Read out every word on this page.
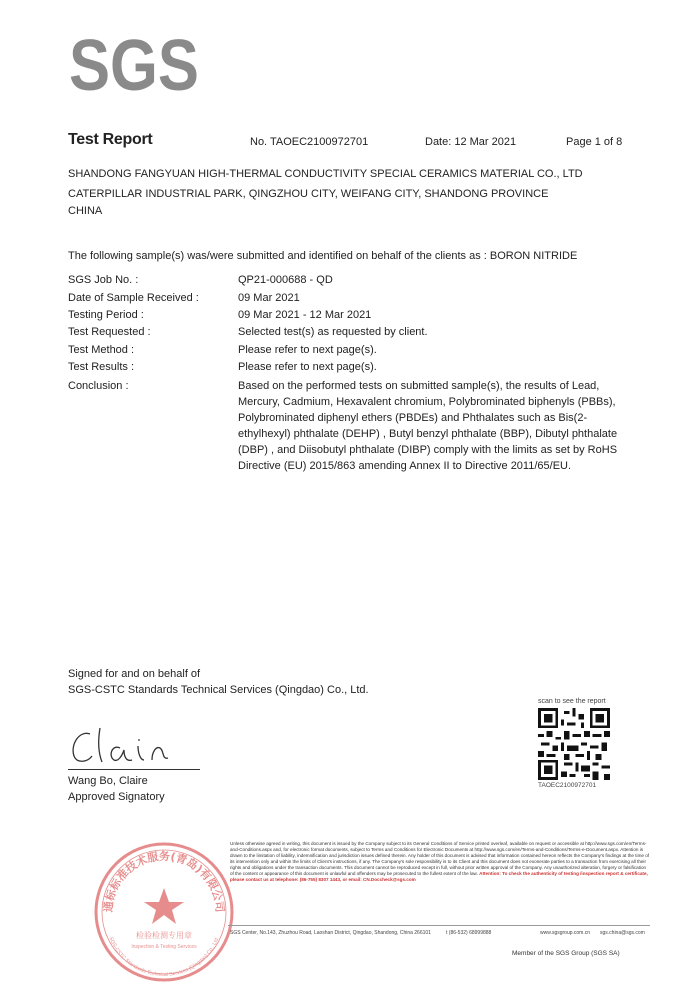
SGS
Test Report	No. TAOEC2100972701	Date: 12 Mar 2021	Page 1 of 8
SHANDONG FANGYUAN HIGH-THERMAL CONDUCTIVITY SPECIAL CERAMICS MATERIAL CO., LTD
CATERPILLAR INDUSTRIAL PARK, QINGZHOU CITY, WEIFANG CITY, SHANDONG PROVINCE
CHINA
The following sample(s) was/were submitted and identified on behalf of the clients as : BORON NITRIDE
SGS Job No. :	QP21-000688 - QD
Date of Sample Received :	09 Mar 2021
Testing Period :	09 Mar 2021 - 12 Mar 2021
Test Requested :	Selected test(s) as requested by client.
Test Method :	Please refer to next page(s).
Test Results :	Please refer to next page(s).
Conclusion :	Based on the performed tests on submitted sample(s), the results of Lead, Mercury, Cadmium, Hexavalent chromium, Polybrominated biphenyls (PBBs), Polybrominated diphenyl ethers (PBDEs) and Phthalates such as Bis(2-ethylhexyl) phthalate (DEHP) , Butyl benzyl phthalate (BBP), Dibutyl phthalate (DBP) , and Diisobutyl phthalate (DIBP) comply with the limits as set by RoHS Directive (EU) 2015/863 amending Annex II to Directive 2011/65/EU.
Signed for and on behalf of
SGS-CSTC Standards Technical Services (Qingdao) Co., Ltd.
Wang Bo, Claire
Approved Signatory
scan to see the report
TAOEC2100972701
通标标准技术服务(青岛)有限公司
检验检测专用章
Inspection & Testing Services
SGS-CSTC Standards Technical Services (Qingdao) Co., Ltd.
Unless otherwise agreed in writing, this document is issued by the Company subject to its General Conditions of Service printed overleaf, available on request or accessible at http://www.sgs.com/en/Terms-and-Conditions.aspx and, for electronic format documents, subject to Terms and Conditions for Electronic Documents at http://www.sgs.com/en/Terms-and-Conditions/Terms-e-Document.aspx. Attention is drawn to the limitation of liability, indemnification and jurisdiction issues defined therein. Any holder of this document is advised that information contained hereon reflects the Company's findings at the time of its intervention only and within the limits of Client's instructions, if any. The Company's sole responsibility is to its Client and this document does not exonerate parties to a transaction from exercising all their rights and obligations under the transaction documents. This document cannot be reproduced except in full, without prior written approval of the Company. Any unauthorized alteration, forgery or falsification of the content or appearance of this document is unlawful and offenders may be prosecuted to the fullest extent of the law. Attention: To check the authenticity of testing /inspection report & certificate, please contact us at telephone: (86-755) 8307 1443, or email: CN.Doccheck@sgs.com
SGS Center, No.143, Zhuzhou Road, Laoshan District, Qingdao, Shandong, China 266101	t (86-532) 68999888	www.sgsgroup.com.cn sgs.china@sgs.com
Member of the SGS Group (SGS SA)
